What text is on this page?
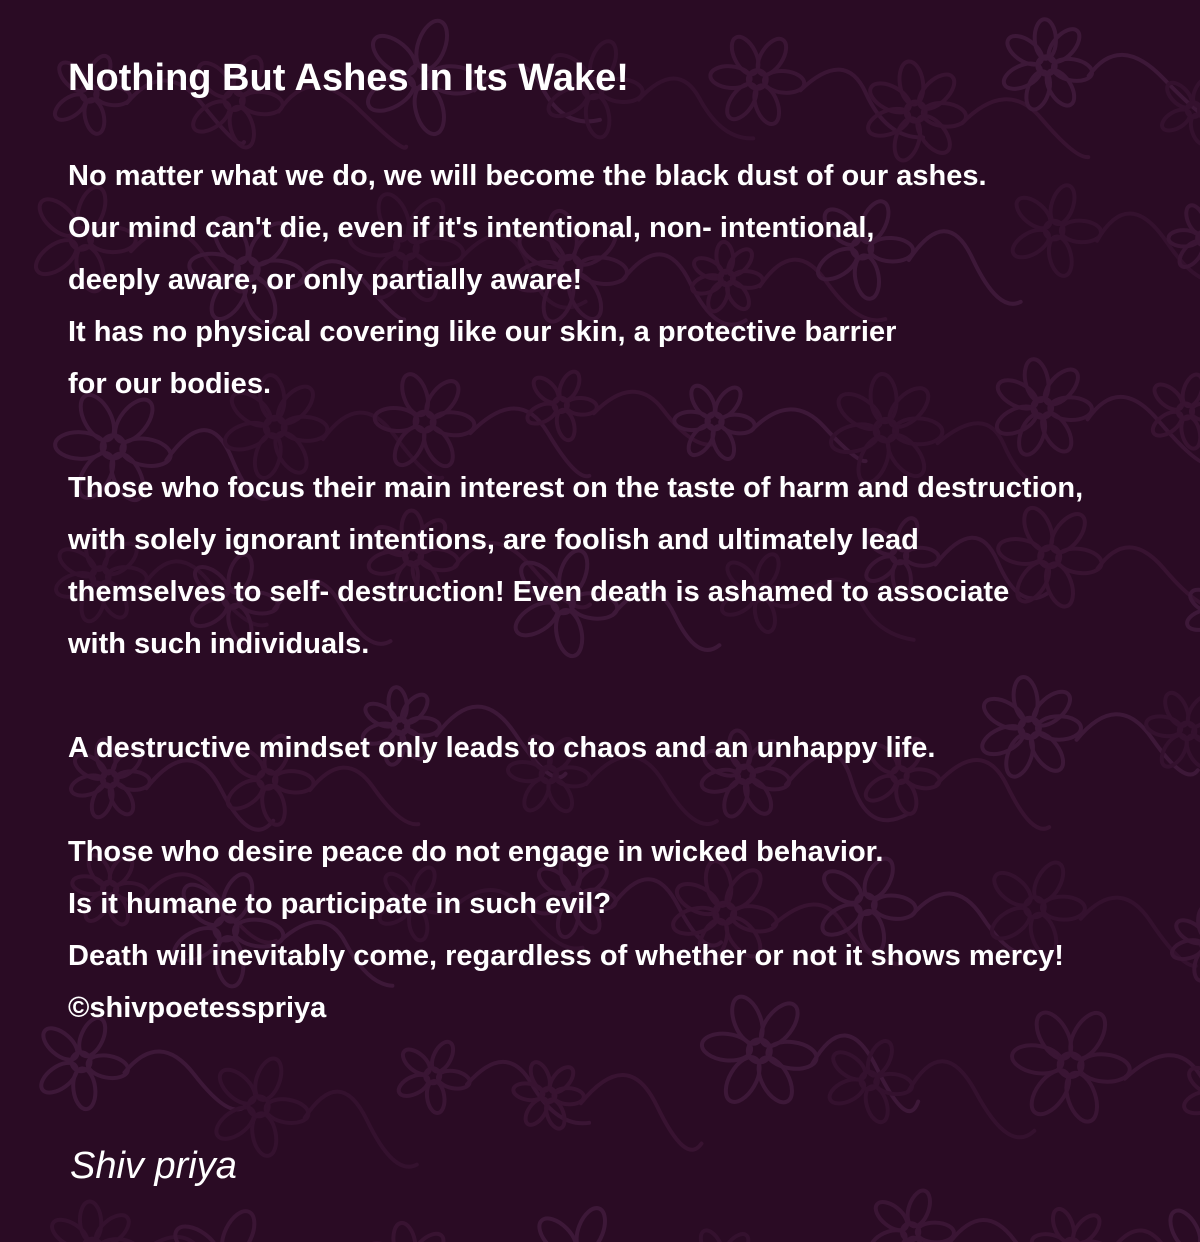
Nothing But Ashes In Its Wake!
No matter what we do, we will become the black dust of our ashes.
Our mind can't die, even if it's intentional, non- intentional,
deeply aware, or only partially aware!
It has no physical covering like our skin, a protective barrier
for our bodies.
Those who focus their main interest on the taste of harm and destruction,
with solely ignorant intentions, are foolish and ultimately lead
themselves to self- destruction! Even death is ashamed to associate
with such individuals.
A destructive mindset only leads to chaos and an unhappy life.
Those who desire peace do not engage in wicked behavior.
Is it humane to participate in such evil?
Death will inevitably come, regardless of whether or not it shows mercy!
©shivpoetesspriya
Shiv priya
